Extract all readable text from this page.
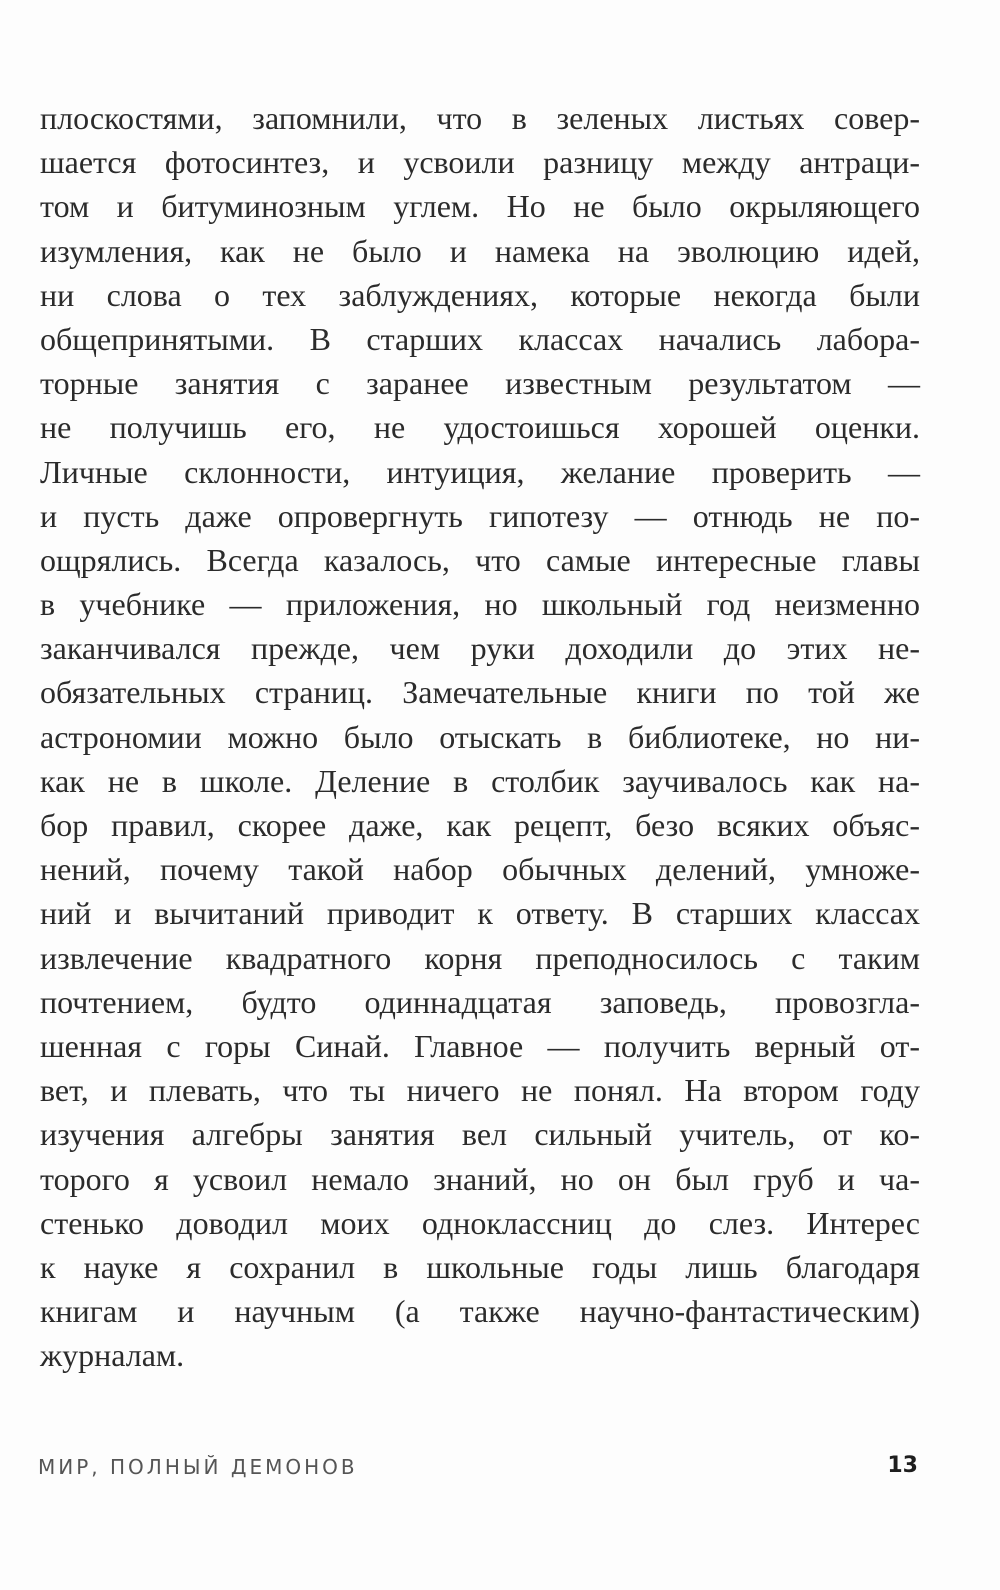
плоскостями, запомнили, что в зеленых листьях совер-
шается фотосинтез, и усвоили разницу между антраци-
том и битуминозным углем. Но не было окрыляющего
изумления, как не было и намека на эволюцию идей,
ни слова о тех заблуждениях, которые некогда были
общепринятыми. В старших классах начались лабора-
торные занятия с заранее известным результатом —
не получишь его, не удостоишься хорошей оценки.
Личные склонности, интуиция, желание проверить —
и пусть даже опровергнуть гипотезу — отнюдь не по-
ощрялись. Всегда казалось, что самые интересные главы
в учебнике — приложения, но школьный год неизменно
заканчивался прежде, чем руки доходили до этих не-
обязательных страниц. Замечательные книги по той же
астрономии можно было отыскать в библиотеке, но ни-
как не в школе. Деление в столбик заучивалось как на-
бор правил, скорее даже, как рецепт, безо всяких объяс-
нений, почему такой набор обычных делений, умноже-
ний и вычитаний приводит к ответу. В старших классах
извлечение квадратного корня преподносилось с таким
почтением, будто одиннадцатая заповедь, провозгла-
шенная с горы Синай. Главное — получить верный от-
вет, и плевать, что ты ничего не понял. На втором году
изучения алгебры занятия вел сильный учитель, от ко-
торого я усвоил немало знаний, но он был груб и ча-
стенько доводил моих одноклассниц до слез. Интерес
к науке я сохранил в школьные годы лишь благодаря
книгам и научным (а также научно-фантастическим)
журналам.
МИР, ПОЛНЫЙ ДЕМОНОВ	13
